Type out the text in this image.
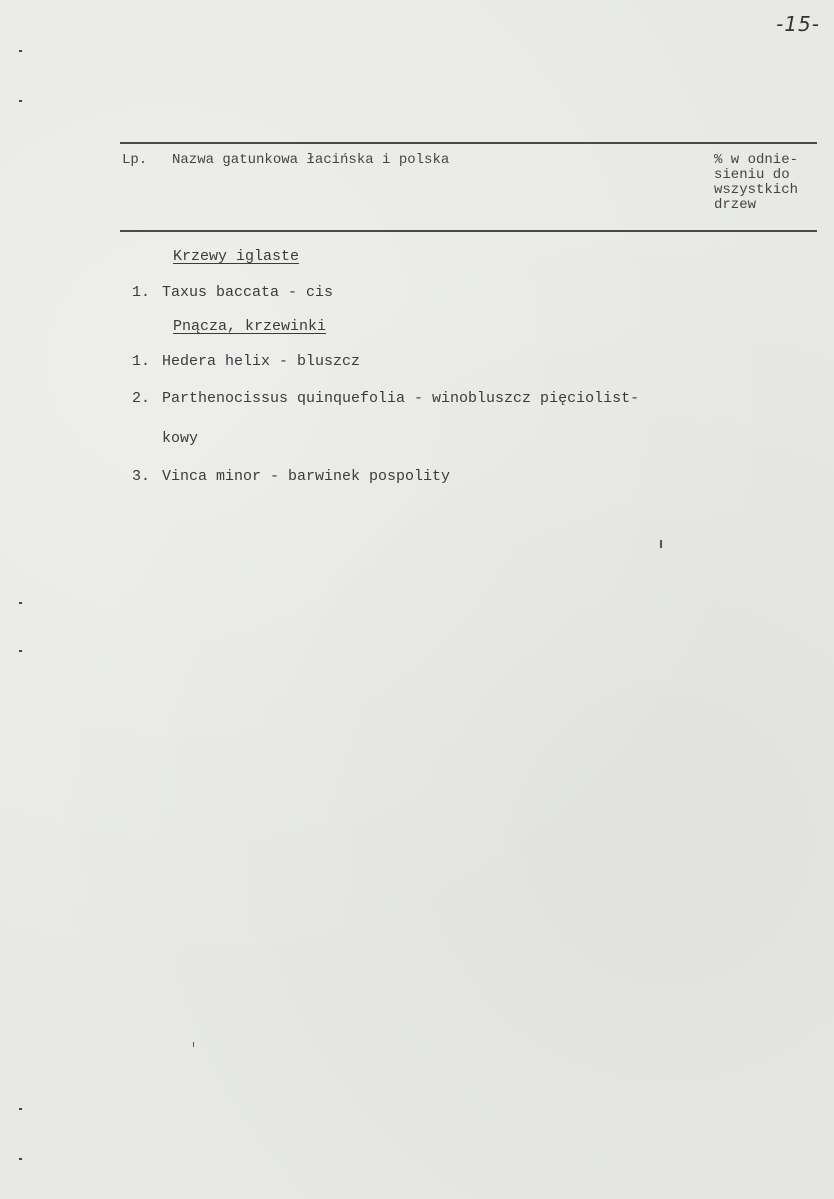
-15-
Lp. Nazwa gatunkowa łacińska i polska	% w odnie-
sieniu do
wszystkich
drzew
Krzewy iglaste
1. Taxus baccata - cis
Pnącza, krzewinki
1. Hedera helix - bluszcz
2. Parthenocissus quinquefolia - winobluszcz pięciolist-
kowy
3. Vinca minor - barwinek pospolity
